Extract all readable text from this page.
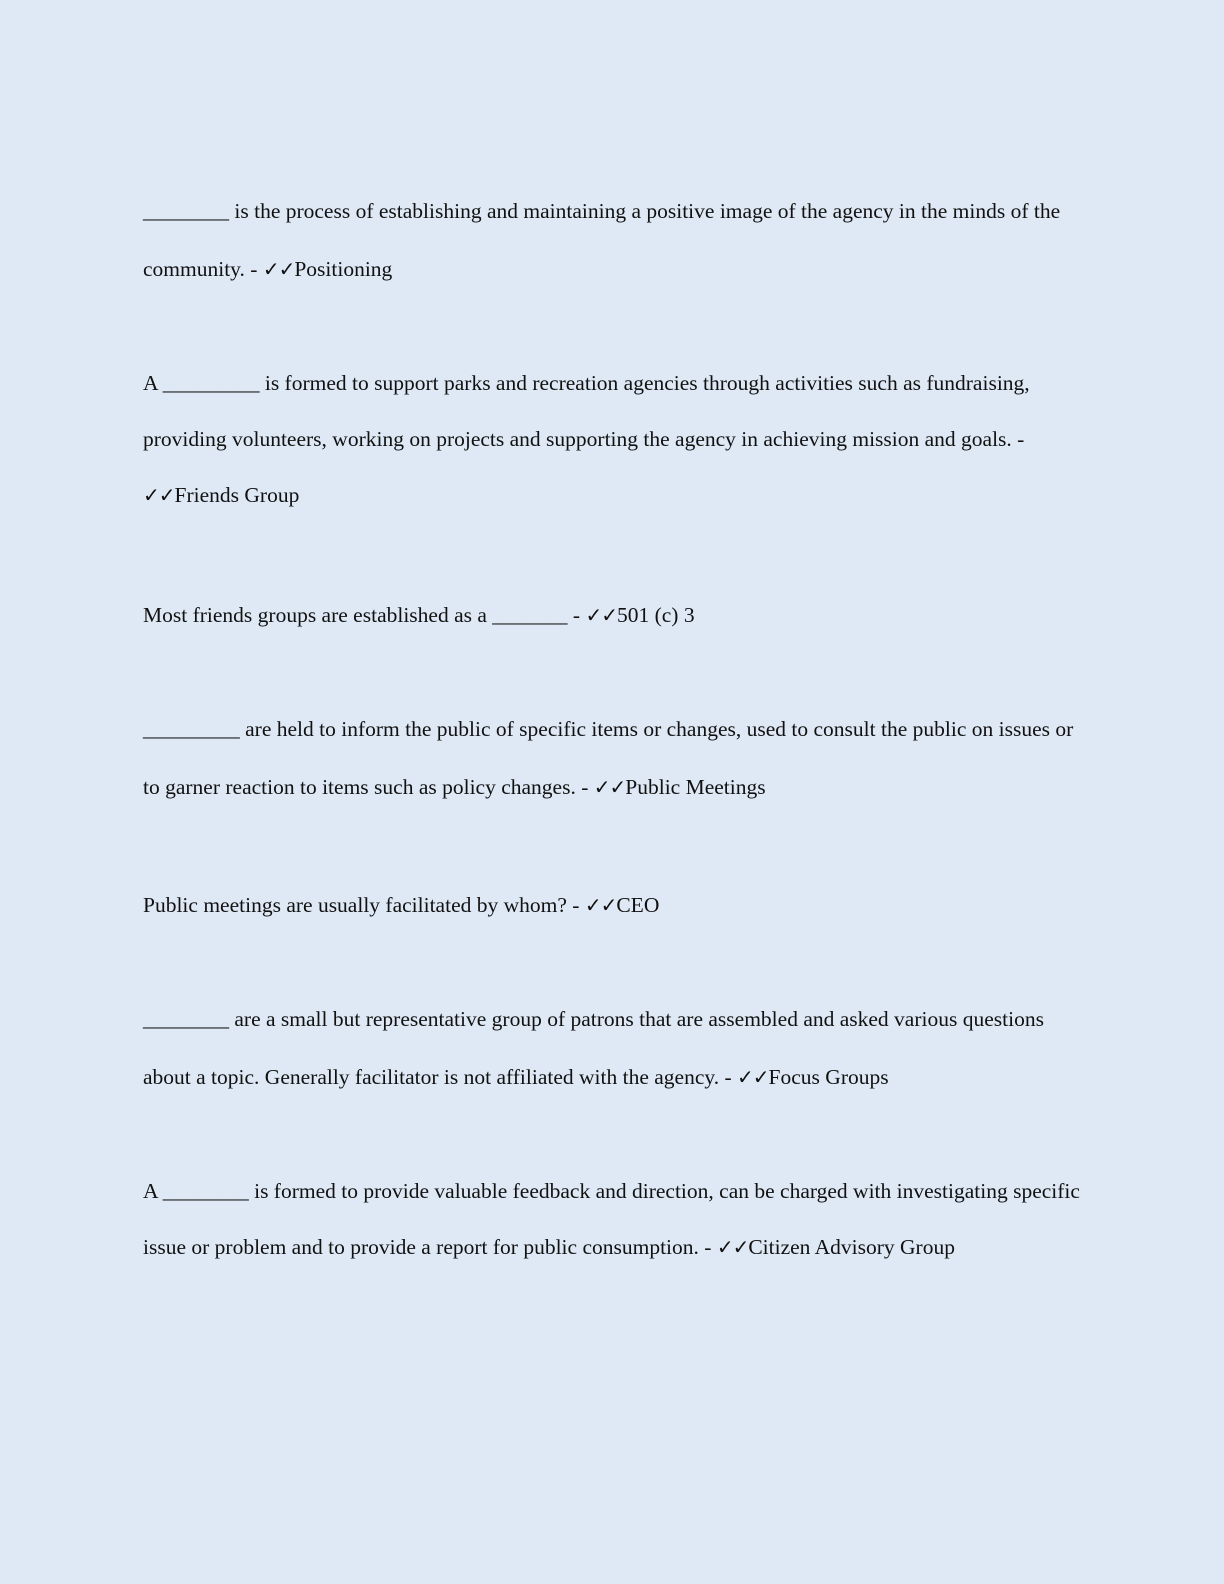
________ is the process of establishing and maintaining a positive image of the agency in the minds of the community. - ✓✓Positioning

A _________ is formed to support parks and recreation agencies through activities such as fundraising, providing volunteers, working on projects and supporting the agency in achieving mission and goals. - ✓✓Friends Group

Most friends groups are established as a _______ - ✓✓501 (c) 3

_________ are held to inform the public of specific items or changes, used to consult the public on issues or to garner reaction to items such as policy changes. - ✓✓Public Meetings

Public meetings are usually facilitated by whom? - ✓✓CEO

________ are a small but representative group of patrons that are assembled and asked various questions about a topic. Generally facilitator is not affiliated with the agency. - ✓✓Focus Groups

A ________ is formed to provide valuable feedback and direction, can be charged with investigating specific issue or problem and to provide a report for public consumption. - ✓✓Citizen Advisory Group
